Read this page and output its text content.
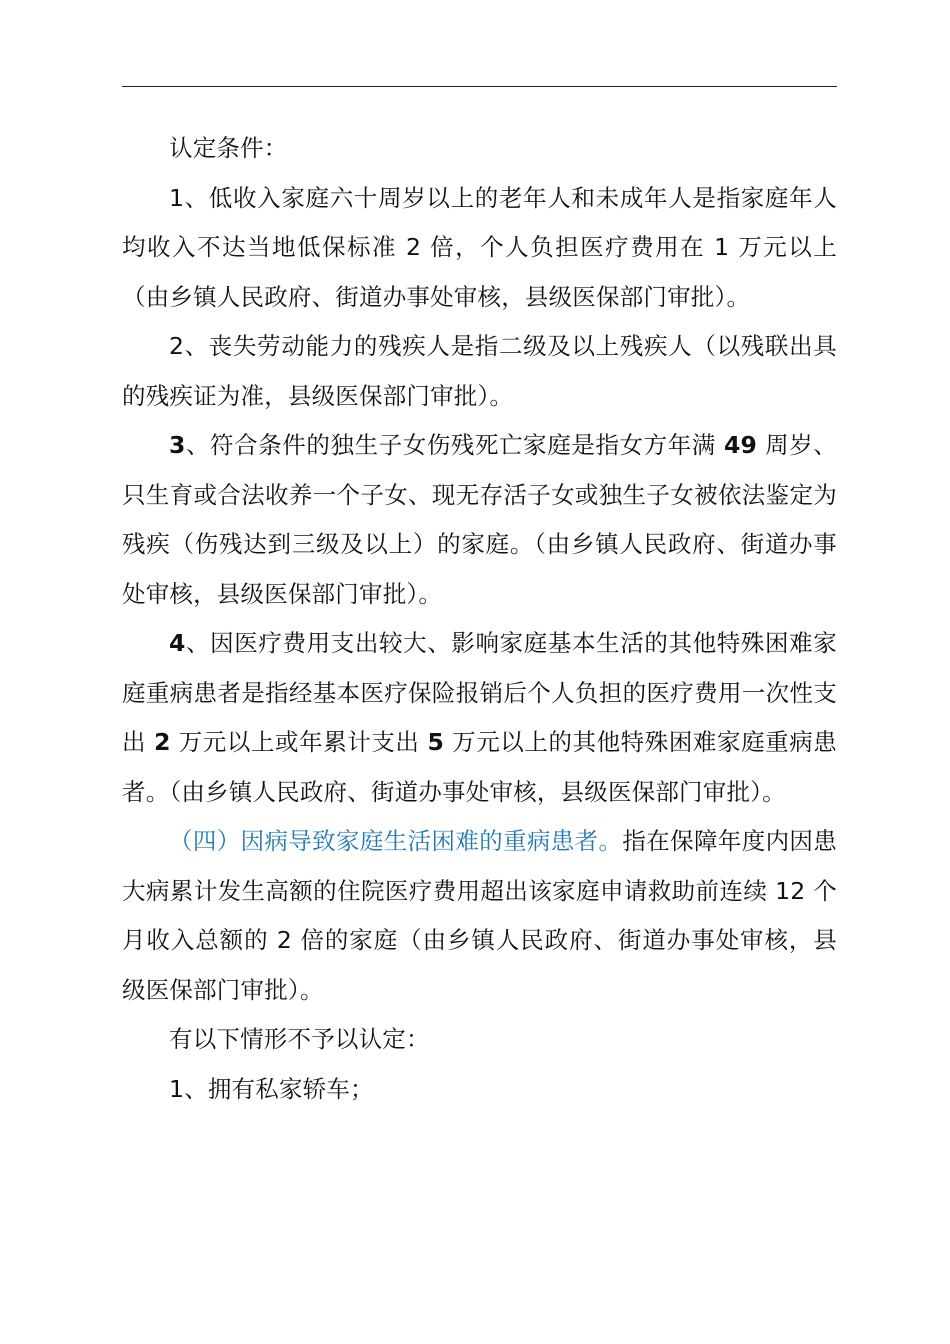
认定条件：

1、低收入家庭六十周岁以上的老年人和未成年人是指家庭年人均收入不达当地低保标准 2 倍，个人负担医疗费用在 1 万元以上（由乡镇人民政府、街道办事处审核，县级医保部门审批）。

2、丧失劳动能力的残疾人是指二级及以上残疾人（以残联出具的残疾证为准，县级医保部门审批）。

3、符合条件的独生子女伤残死亡家庭是指女方年满 49 周岁、只生育或合法收养一个子女、现无存活子女或独生子女被依法鉴定为残疾（伤残达到三级及以上）的家庭。（由乡镇人民政府、街道办事处审核，县级医保部门审批）。

4、因医疗费用支出较大、影响家庭基本生活的其他特殊困难家庭重病患者是指经基本医疗保险报销后个人负担的医疗费用一次性支出 2 万元以上或年累计支出 5 万元以上的其他特殊困难家庭重病患者。（由乡镇人民政府、街道办事处审核，县级医保部门审批）。

（四）因病导致家庭生活困难的重病患者。指在保障年度内因患大病累计发生高额的住院医疗费用超出该家庭申请救助前连续 12 个月收入总额的 2 倍的家庭（由乡镇人民政府、街道办事处审核，县级医保部门审批）。

有以下情形不予以认定：

1、拥有私家轿车；
